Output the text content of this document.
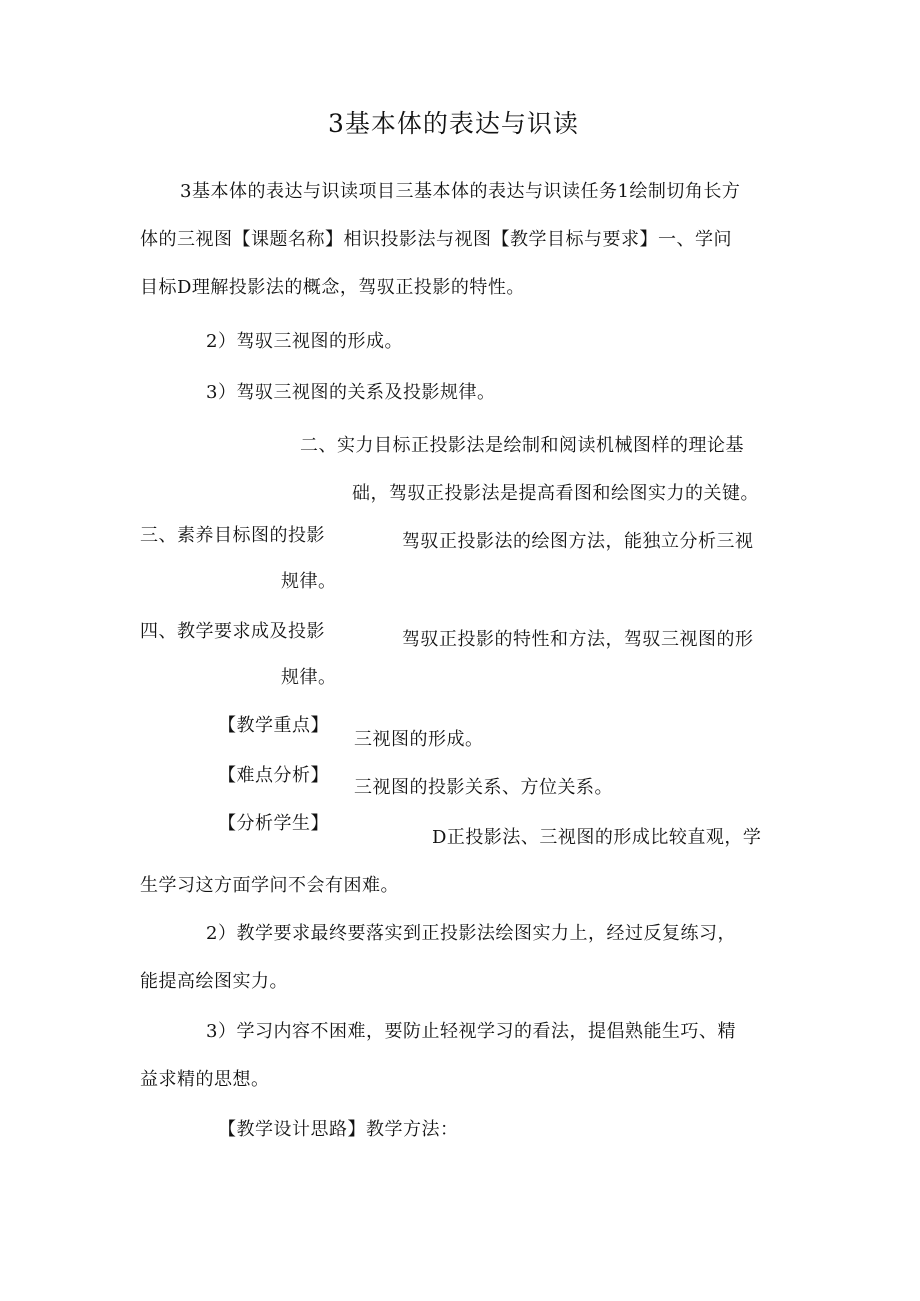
3基本体的表达与识读
3基本体的表达与识读项目三基本体的表达与识读任务1绘制切角长方
体的三视图【课题名称】相识投影法与视图【教学目标与要求】一、学问
目标D理解投影法的概念，驾驭正投影的特性。
2）驾驭三视图的形成。
3）驾驭三视图的关系及投影规律。
二、实力目标正投影法是绘制和阅读机械图样的理论基
础，驾驭正投影法是提高看图和绘图实力的关键。
三、素养目标图的投影	驾驭正投影法的绘图方法，能独立分析三视
规律。
四、教学要求成及投影	驾驭正投影的特性和方法，驾驭三视图的形
规律。
【教学重点】
三视图的形成。
【难点分析】
三视图的投影关系、方位关系。
【分析学生】
D正投影法、三视图的形成比较直观，学
生学习这方面学问不会有困难。
2）教学要求最终要落实到正投影法绘图实力上，经过反复练习，
能提高绘图实力。
3）学习内容不困难，要防止轻视学习的看法，提倡熟能生巧、精
益求精的思想。
【教学设计思路】教学方法：
